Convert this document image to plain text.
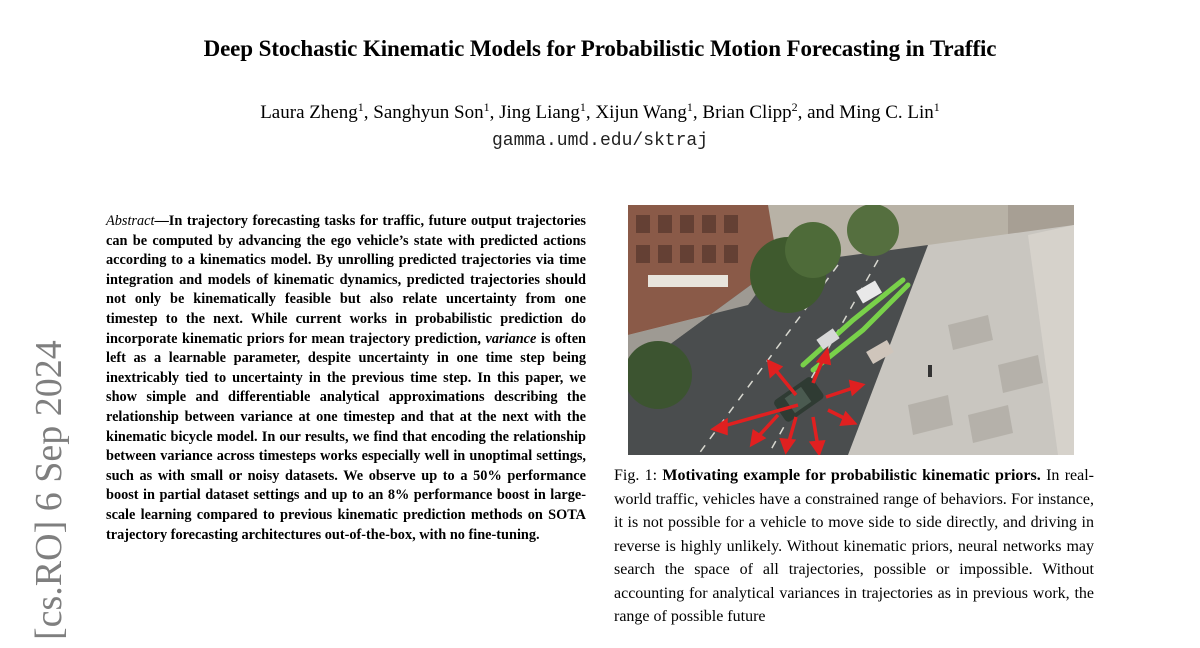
Deep Stochastic Kinematic Models for Probabilistic Motion Forecasting in Traffic
Laura Zheng$^1$, Sanghyun Son$^1$, Jing Liang$^1$, Xijun Wang$^1$, Brian Clipp$^2$, and Ming C. Lin$^1$
gamma.umd.edu/sktraj
[cs.RO] 6 Sep 2024
Abstract—In trajectory forecasting tasks for traffic, future output trajectories can be computed by advancing the ego vehicle’s state with predicted actions according to a kinematics model. By unrolling predicted trajectories via time integration and models of kinematic dynamics, predicted trajectories should not only be kinematically feasible but also relate uncertainty from one timestep to the next. While current works in probabilistic prediction do incorporate kinematic priors for mean trajectory prediction, variance is often left as a learnable parameter, despite uncertainty in one time step being inextricably tied to uncertainty in the previous time step. In this paper, we show simple and differentiable analytical approximations describing the relationship between variance at one timestep and that at the next with the kinematic bicycle model. In our results, we find that encoding the relationship between variance across timesteps works especially well in unoptimal settings, such as with small or noisy datasets. We observe up to a 50% performance boost in partial dataset settings and up to an 8% performance boost in large-scale learning compared to previous kinematic prediction methods on SOTA trajectory forecasting architectures out-of-the-box, with no fine-tuning.
Fig. 1: Motivating example for probabilistic kinematic priors. In real-world traffic, vehicles have a constrained range of behaviors. For instance, it is not possible for a vehicle to move side to side directly, and driving in reverse is highly unlikely. Without kinematic priors, neural networks may search the space of all trajectories, possible or impossible. Without accounting for analytical variances in trajectories as in previous work, the range of possible future
